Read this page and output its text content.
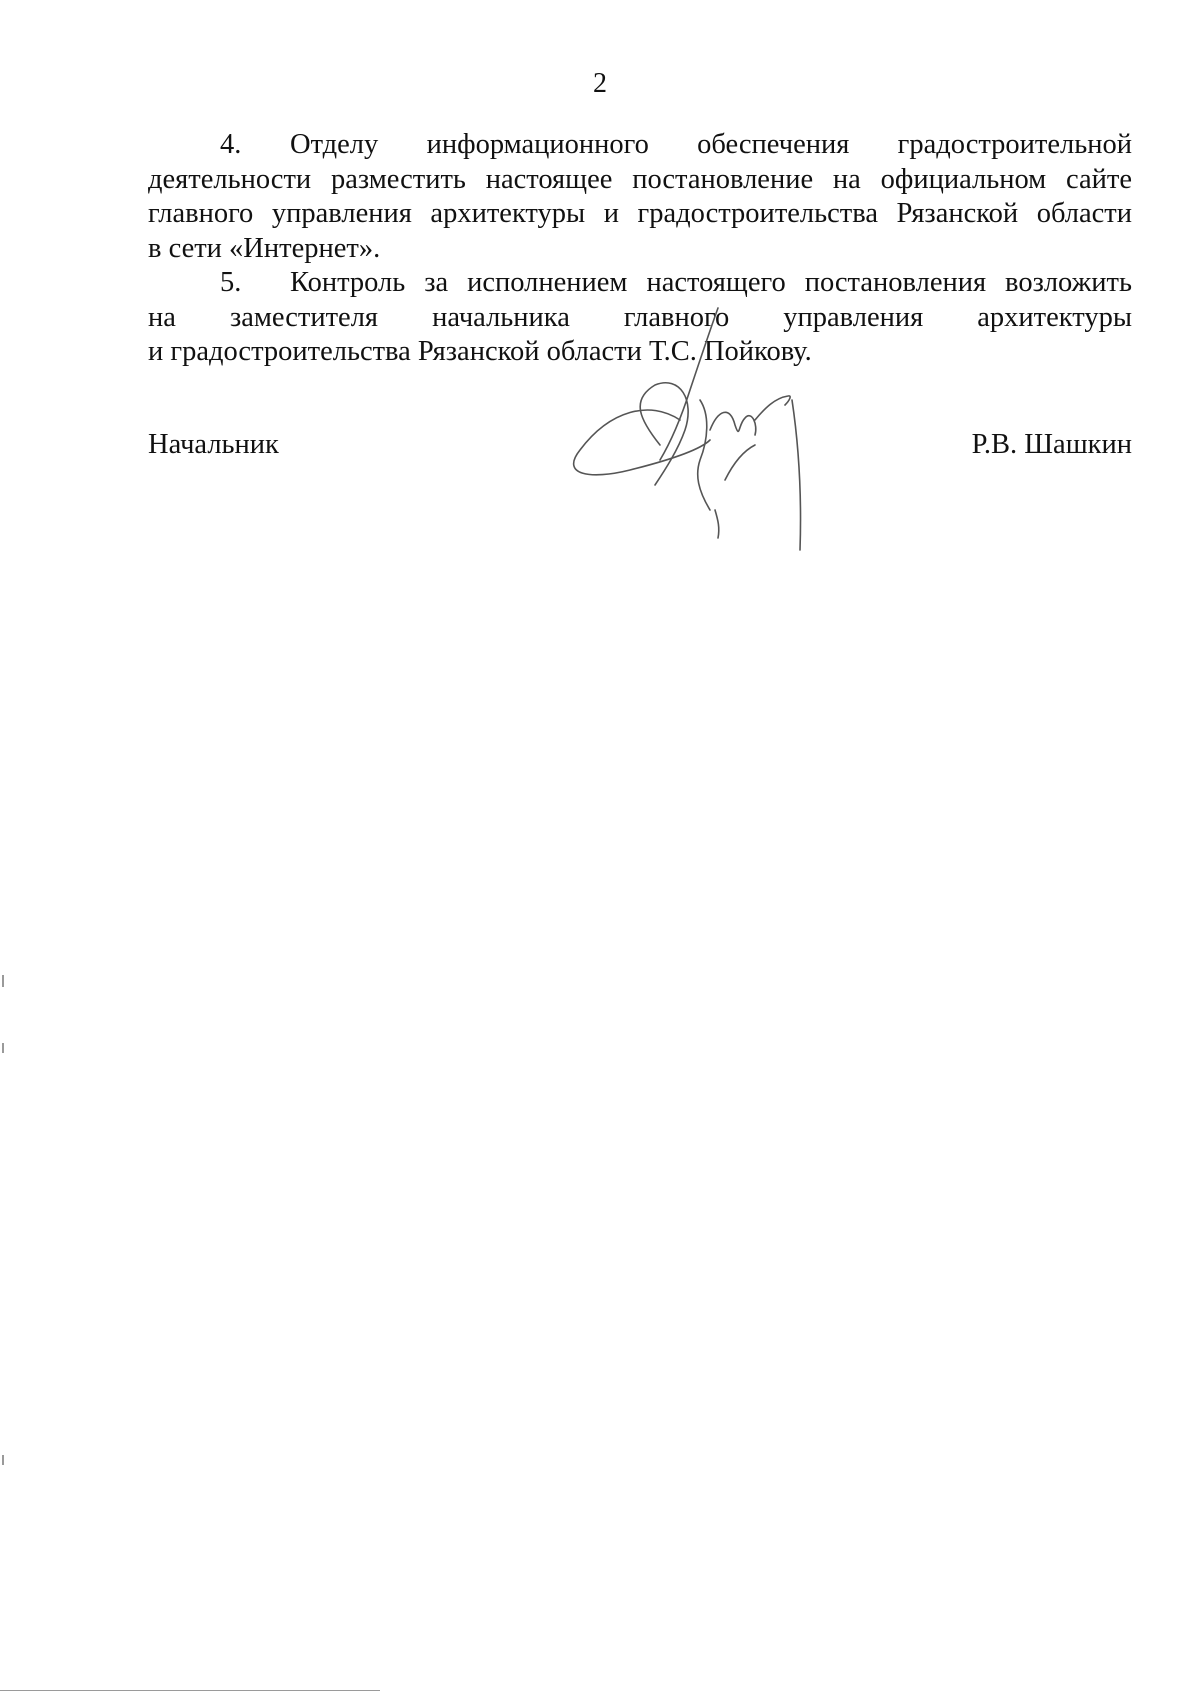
2

4. Отделу информационного обеспечения градостроительной
деятельности разместить настоящее постановление на официальном сайте
главного управления архитектуры и градостроительства Рязанской области
в сети «Интернет».

5. Контроль за исполнением настоящего постановления возложить
на заместителя начальника главного управления архитектуры
и градостроительства Рязанской области Т.С. Пойкову.

Начальник	Р.В. Шашкин
